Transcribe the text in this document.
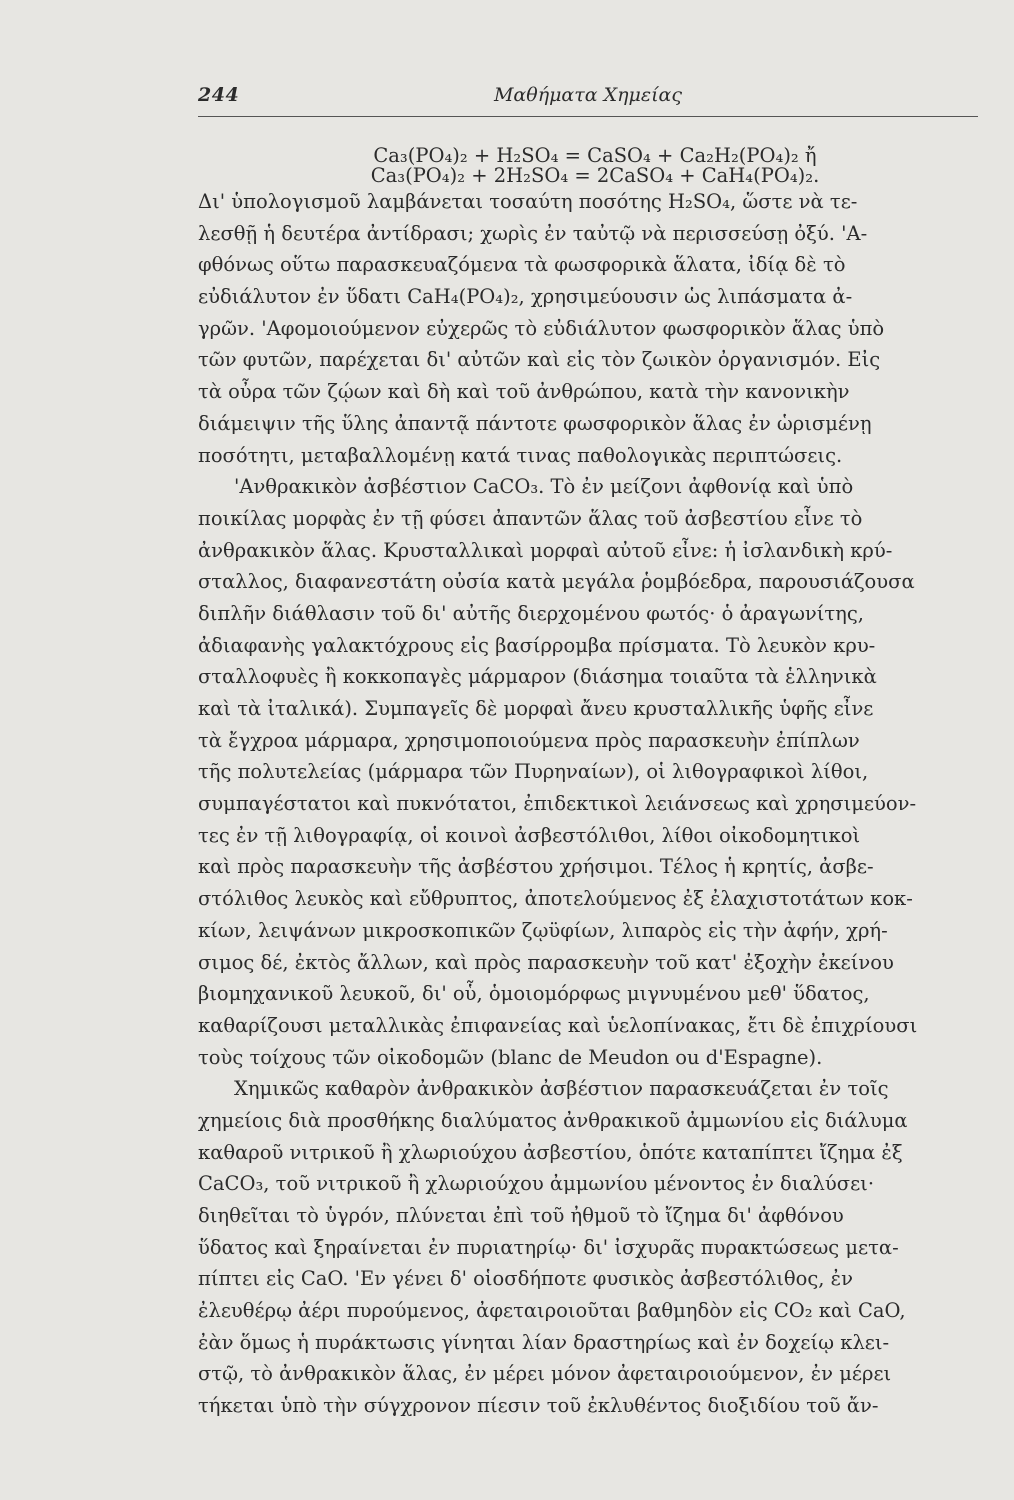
244	Μαθήματα Χημείας
Ca₃(PO₄)₂ + H₂SO₄ = CaSO₄ + Ca₂H₂(PO₄)₂ ἤ
Ca₃(PO₄)₂ + 2H₂SO₄ = 2CaSO₄ + CaH₄(PO₄)₂.
Δι' ὑπολογισμοῦ λαμβάνεται τοσαύτη ποσότης H₂SO₄, ὥστε νὰ τε-
λεσθῇ ἡ δευτέρα ἀντίδρασι; χωρὶς ἐν ταὐτῷ νὰ περισσεύσῃ ὀξύ. 'Α-
φθόνως οὕτω παρασκευαζόμενα τὰ φωσφορικὰ ἅλατα, ἰδίᾳ δὲ τὸ
εὐδιάλυτον ἐν ὕδατι CaH₄(PO₄)₂, χρησιμεύουσιν ὡς λιπάσματα ἀ-
γρῶν. 'Αφομοιούμενον εὐχερῶς τὸ εὐδιάλυτον φωσφορικὸν ἅλας ὑπὸ
τῶν φυτῶν, παρέχεται δι' αὐτῶν καὶ εἰς τὸν ζωικὸν ὀργανισμόν. Εἰς
τὰ οὖρα τῶν ζῴων καὶ δὴ καὶ τοῦ ἀνθρώπου, κατὰ τὴν κανονικὴν
διάμειψιν τῆς ὕλης ἀπαντᾷ πάντοτε φωσφορικὸν ἅλας ἐν ὡρισμένῃ
ποσότητι, μεταβαλλομένῃ κατά τινας παθολογικὰς περιπτώσεις.
'Ανθρακικὸν ἀσβέστιον CaCO₃. Τὸ ἐν μείζονι ἀφθονίᾳ καὶ ὑπὸ
ποικίλας μορφὰς ἐν τῇ φύσει ἀπαντῶν ἅλας τοῦ ἀσβεστίου εἶνε τὸ
ἀνθρακικὸν ἅλας. Κρυσταλλικαὶ μορφαὶ αὐτοῦ εἶνε: ἡ ἰσλανδικὴ κρύ-
σταλλος, διαφανεστάτη οὐσία κατὰ μεγάλα ῥομβόεδρα, παρουσιάζουσα
διπλῆν διάθλασιν τοῦ δι' αὐτῆς διερχομένου φωτός· ὁ ἀραγωνίτης,
ἀδιαφανὴς γαλακτόχρους εἰς βασίρρομβα πρίσματα. Τὸ λευκὸν κρυ-
σταλλοφυὲς ἢ κοκκοπαγὲς μάρμαρον (διάσημα τοιαῦτα τὰ ἑλληνικὰ
καὶ τὰ ἰταλικά). Συμπαγεῖς δὲ μορφαὶ ἄνευ κρυσταλλικῆς ὑφῆς εἶνε
τὰ ἔγχροα μάρμαρα, χρησιμοποιούμενα πρὸς παρασκευὴν ἐπίπλων
τῆς πολυτελείας (μάρμαρα τῶν Πυρηναίων), οἱ λιθογραφικοὶ λίθοι,
συμπαγέστατοι καὶ πυκνότατοι, ἐπιδεκτικοὶ λειάνσεως καὶ χρησιμεύον-
τες ἐν τῇ λιθογραφίᾳ, οἱ κοινοὶ ἀσβεστόλιθοι, λίθοι οἰκοδομητικοὶ
καὶ πρὸς παρασκευὴν τῆς ἀσβέστου χρήσιμοι. Τέλος ἡ κρητίς, ἀσβε-
στόλιθος λευκὸς καὶ εὔθρυπτος, ἀποτελούμενος ἐξ ἐλαχιστοτάτων κοκ-
κίων, λειψάνων μικροσκοπικῶν ζῳϋφίων, λιπαρὸς εἰς τὴν ἀφήν, χρή-
σιμος δέ, ἐκτὸς ἄλλων, καὶ πρὸς παρασκευὴν τοῦ κατ' ἐξοχὴν ἐκείνου
βιομηχανικοῦ λευκοῦ, δι' οὗ, ὁμοιομόρφως μιγνυμένου μεθ' ὕδατος,
καθαρίζουσι μεταλλικὰς ἐπιφανείας καὶ ὑελοπίνακας, ἔτι δὲ ἐπιχρίουσι
τοὺς τοίχους τῶν οἰκοδομῶν (blanc de Meudon ou d'Espagne).
Χημικῶς καθαρὸν ἀνθρακικὸν ἀσβέστιον παρασκευάζεται ἐν τοῖς
χημείοις διὰ προσθήκης διαλύματος ἀνθρακικοῦ ἀμμωνίου εἰς διάλυμα
καθαροῦ νιτρικοῦ ἢ χλωριούχου ἀσβεστίου, ὁπότε καταπίπτει ἴζημα ἐξ
CaCO₃, τοῦ νιτρικοῦ ἢ χλωριούχου ἀμμωνίου μένοντος ἐν διαλύσει·
διηθεῖται τὸ ὑγρόν, πλύνεται ἐπὶ τοῦ ἠθμοῦ τὸ ἴζημα δι' ἀφθόνου
ὕδατος καὶ ξηραίνεται ἐν πυριατηρίῳ· δι' ἰσχυρᾶς πυρακτώσεως μετα-
πίπτει εἰς CaO. 'Εν γένει δ' οἱοσδήποτε φυσικὸς ἀσβεστόλιθος, ἐν
ἐλευθέρῳ ἀέρι πυρούμενος, ἀφεταιροιοῦται βαθμηδὸν εἰς CO₂ καὶ CaO,
ἐὰν ὅμως ἡ πυράκτωσις γίνηται λίαν δραστηρίως καὶ ἐν δοχείῳ κλει-
στῷ, τὸ ἀνθρακικὸν ἅλας, ἐν μέρει μόνον ἀφεταιροιούμενον, ἐν μέρει
τήκεται ὑπὸ τὴν σύγχρονον πίεσιν τοῦ ἐκλυθέντος διοξιδίου τοῦ ἄν-
